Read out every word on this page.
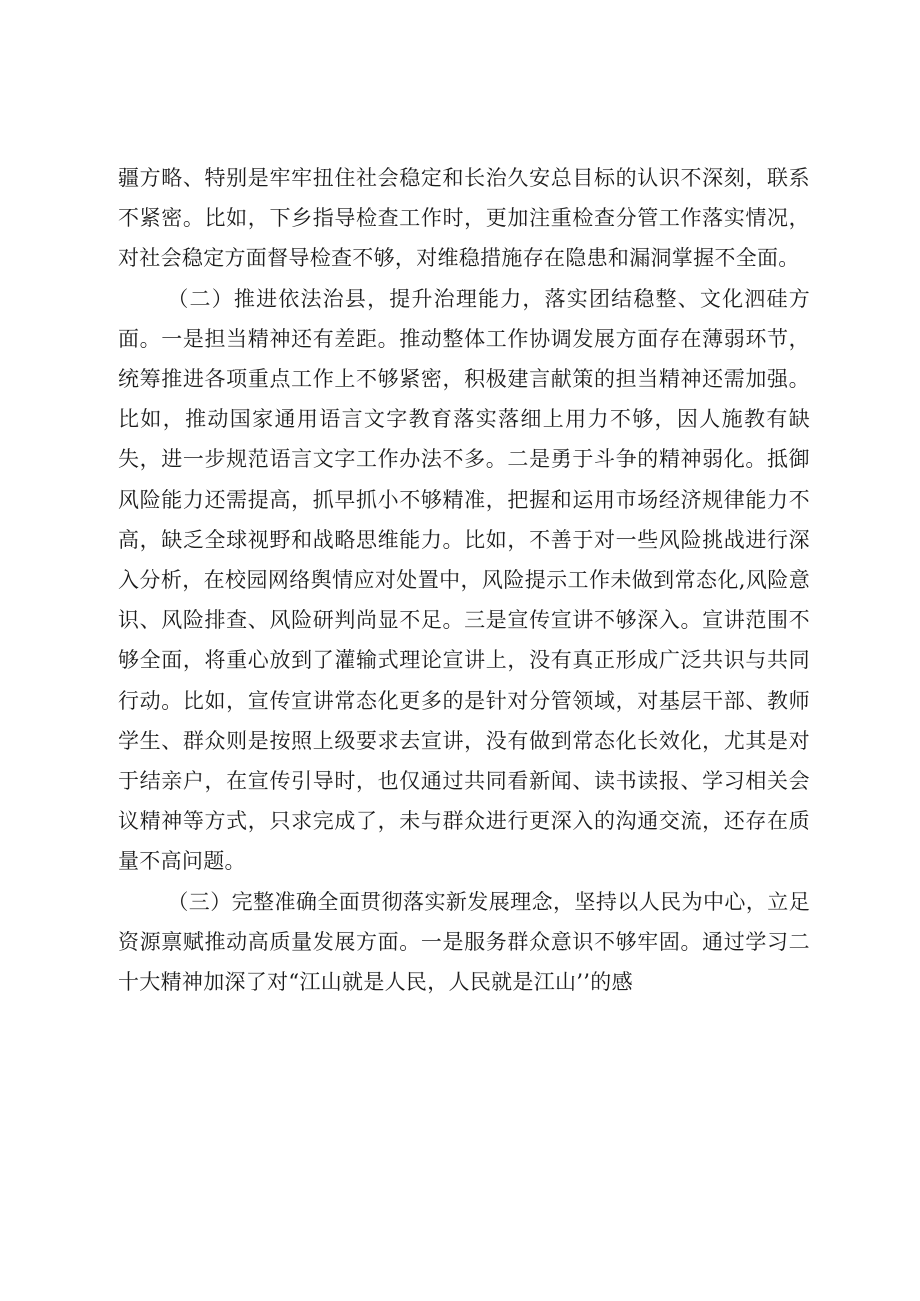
疆方略、特别是牢牢扭住社会稳定和长治久安总目标的认识不深刻，联系不紧密。比如，下乡指导检查工作时，更加注重检查分管工作落实情况，对社会稳定方面督导检查不够，对维稳措施存在隐患和漏洞掌握不全面。

（二）推进依法治县，提升治理能力，落实团结稳整、文化泗硅方面。一是担当精神还有差距。推动整体工作协调发展方面存在薄弱环节，统筹推进各项重点工作上不够紧密，积极建言献策的担当精神还需加强。比如，推动国家通用语言文字教育落实落细上用力不够，因人施教有缺失，进一步规范语言文字工作办法不多。二是勇于斗争的精神弱化。抵御风险能力还需提高，抓早抓小不够精准，把握和运用市场经济规律能力不高，缺乏全球视野和战略思维能力。比如，不善于对一些风险挑战进行深入分析，在校园网络舆情应对处置中，风险提示工作未做到常态化,风险意识、风险排查、风险研判尚显不足。三是宣传宣讲不够深入。宣讲范围不够全面，将重心放到了灌输式理论宣讲上，没有真正形成广泛共识与共同行动。比如，宣传宣讲常态化更多的是针对分管领域，对基层干部、教师学生、群众则是按照上级要求去宣讲，没有做到常态化长效化，尤其是对于结亲户，在宣传引导时，也仅通过共同看新闻、读书读报、学习相关会议精神等方式，只求完成了，未与群众进行更深入的沟通交流，还存在质量不高问题。

（三）完整准确全面贯彻落实新发展理念，坚持以人民为中心，立足资源禀赋推动高质量发展方面。一是服务群众意识不够牢固。通过学习二十大精神加深了对“江山就是人民，人民就是江山’’的感
